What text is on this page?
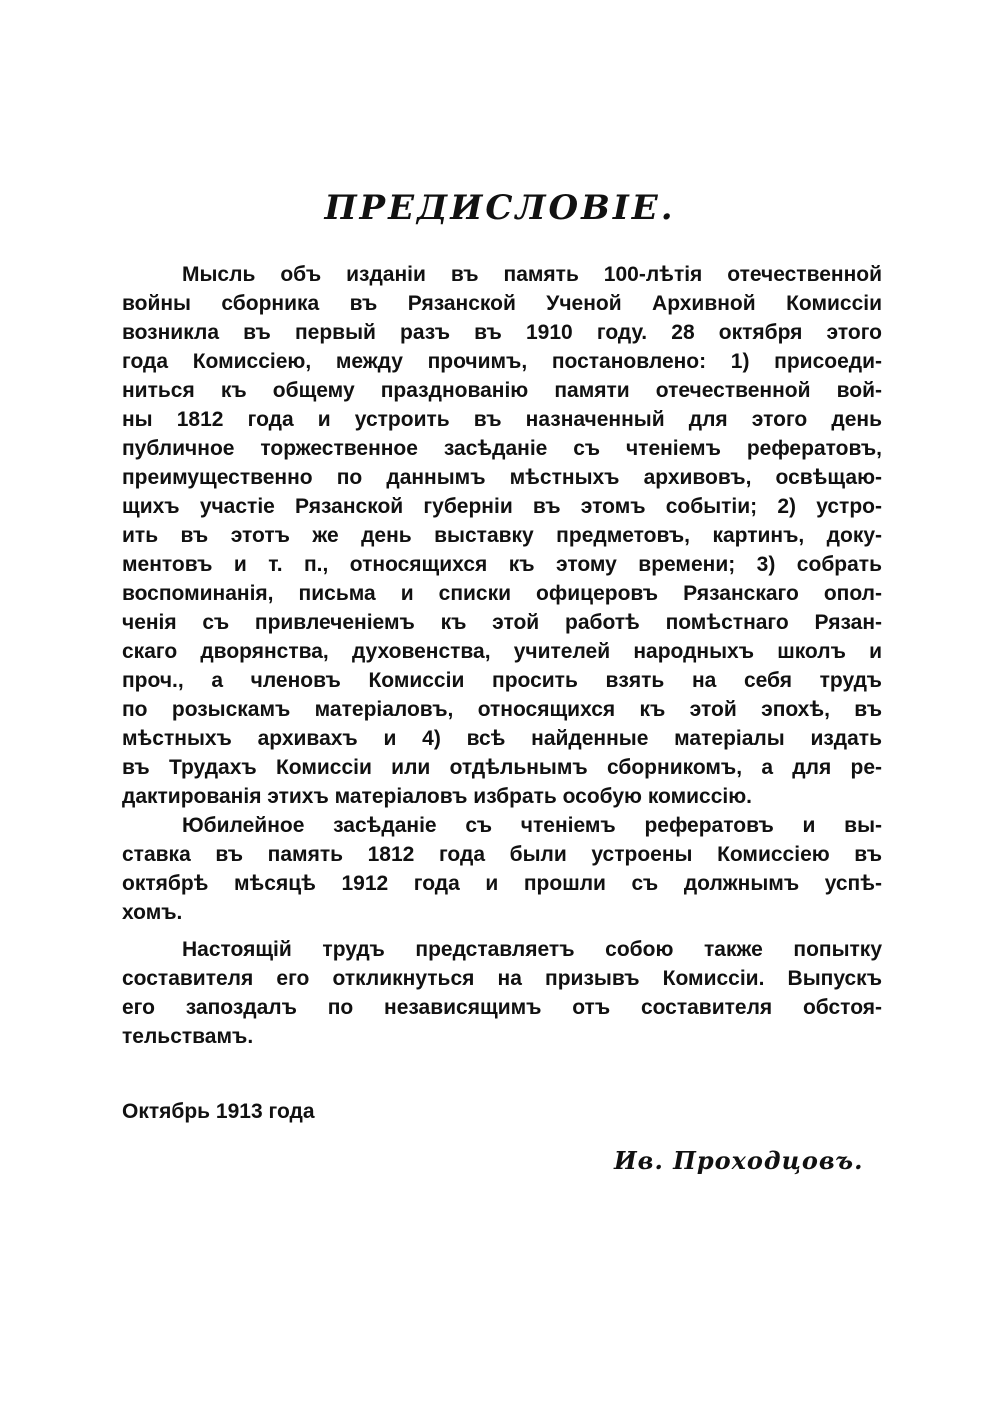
ПРЕДИСЛОВIЕ.
Мысль объ изданіи въ память 100-лѣтія отечественной
войны сборника въ Рязанской Ученой Архивной Комиссіи
возникла въ первый разъ въ 1910 году. 28 октября этого
года Комиссіею, между прочимъ, постановлено: 1) присоеди-
ниться къ общему празднованію памяти отечественной вой-
ны 1812 года и устроить въ назначенный для этого день
публичное торжественное засѣданіе съ чтеніемъ рефератовъ,
преимущественно по даннымъ мѣстныхъ архивовъ, освѣщаю-
щихъ участіе Рязанской губерніи въ этомъ событіи; 2) устро-
ить въ этотъ же день выставку предметовъ, картинъ, доку-
ментовъ и т. п., относящихся къ этому времени; 3) собрать
воспоминанія, письма и списки офицеровъ Рязанскаго опол-
ченія съ привлеченіемъ къ этой работѣ помѣстнаго Рязан-
скаго дворянства, духовенства, учителей народныхъ школъ и
проч., а членовъ Комиссіи просить взять на себя трудъ
по розыскамъ матеріаловъ, относящихся къ этой эпохѣ, въ
мѣстныхъ архивахъ и 4) всѣ найденные матеріалы издать
въ Трудахъ Комиссіи или отдѣльнымъ сборникомъ, а для ре-
дактированія этихъ матеріаловъ избрать особую комиссію.
Юбилейное засѣданіе съ чтеніемъ рефератовъ и вы-
ставка въ память 1812 года были устроены Комиссіею въ
октябрѣ мѣсяцѣ 1912 года и прошли съ должнымъ успѣ-
хомъ.
Настоящій трудъ представляетъ собою также попытку
составителя его откликнуться на призывъ Комиссіи. Выпускъ
его запоздалъ по независящимъ отъ составителя обстоя-
тельствамъ.

Октябрь 1913 года

Ив. Проходцовъ.
